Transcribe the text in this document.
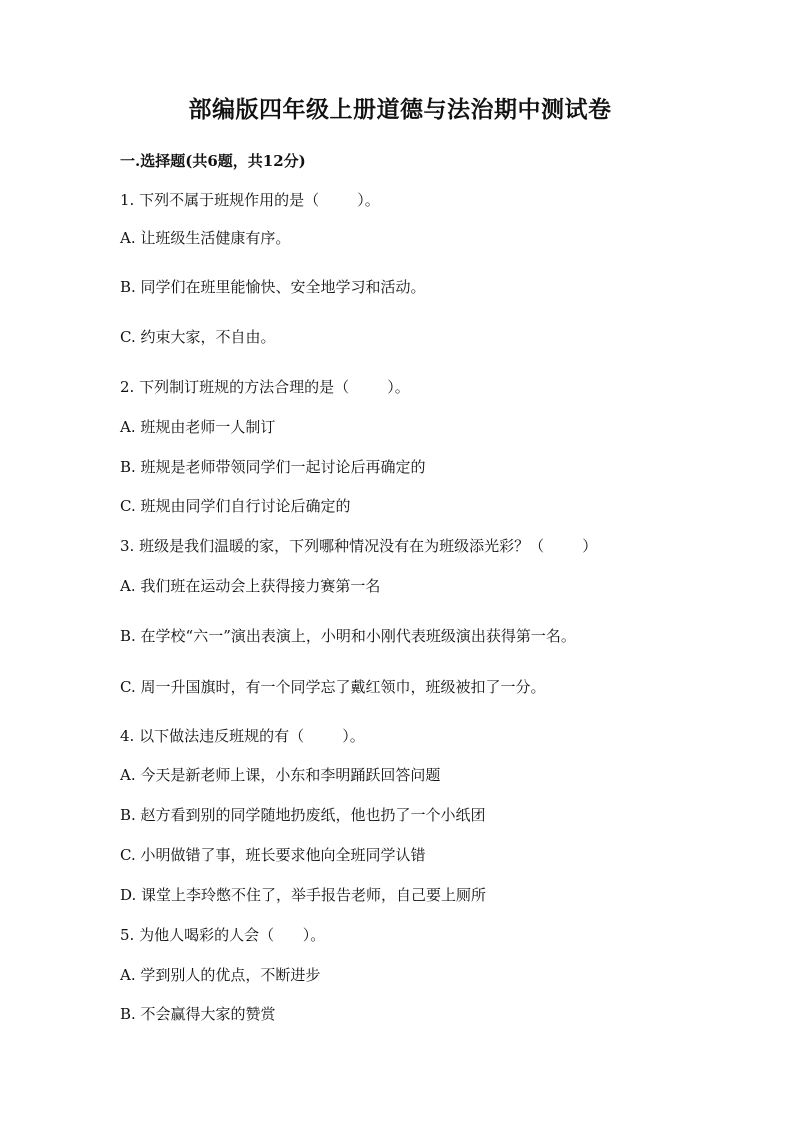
部编版四年级上册道德与法治期中测试卷
一.选择题(共6题，共12分)
1. 下列不属于班规作用的是（        ）。
A. 让班级生活健康有序。
B. 同学们在班里能愉快、安全地学习和活动。
C. 约束大家，不自由。
2. 下列制订班规的方法合理的是（        ）。
A. 班规由老师一人制订
B. 班规是老师带领同学们一起讨论后再确定的
C. 班规由同学们自行讨论后确定的
3. 班级是我们温暖的家，下列哪种情况没有在为班级添光彩？（        ）
A. 我们班在运动会上获得接力赛第一名
B. 在学校“六一”演出表演上，小明和小刚代表班级演出获得第一名。
C. 周一升国旗时，有一个同学忘了戴红领巾，班级被扣了一分。
4. 以下做法违反班规的有（        ）。
A. 今天是新老师上课，小东和李明踊跃回答问题
B. 赵方看到别的同学随地扔废纸，他也扔了一个小纸团
C. 小明做错了事，班长要求他向全班同学认错
D. 课堂上李玲憋不住了，举手报告老师，自己要上厕所
5. 为他人喝彩的人会（      ）。
A. 学到别人的优点，不断进步
B. 不会赢得大家的赞赏
